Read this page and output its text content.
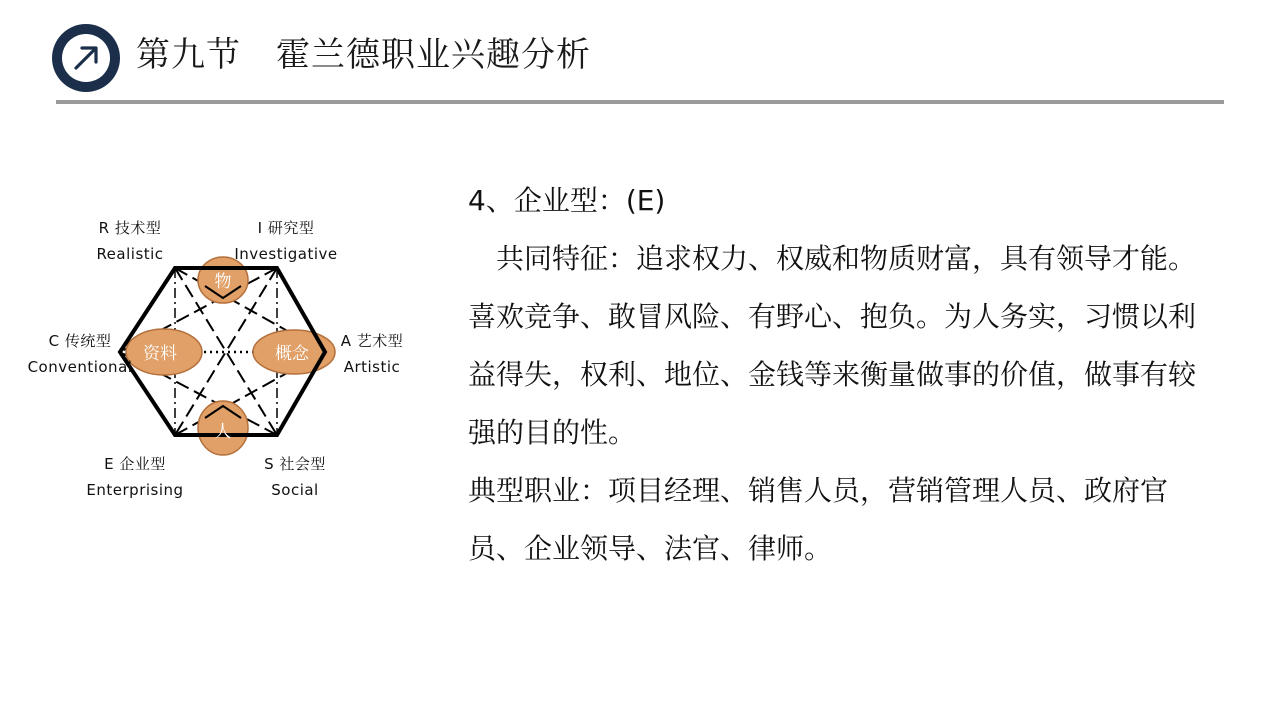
第九节　霍兰德职业兴趣分析
物
资料	概念
人
R 技术型
Realistic
I 研究型
Investigative
A 艺术型
Artistic
S 社会型
Social
E 企业型
Enterprising
C 传统型
Conventional

4、企业型：(E)

共同特征：追求权力、权威和物质财富，具有领导才能。喜欢竞争、敢冒风险、有野心、抱负。为人务实，习惯以利益得失，权利、地位、金钱等来衡量做事的价值，做事有较强的目的性。

典型职业：项目经理、销售人员，营销管理人员、政府官员、企业领导、法官、律师。
